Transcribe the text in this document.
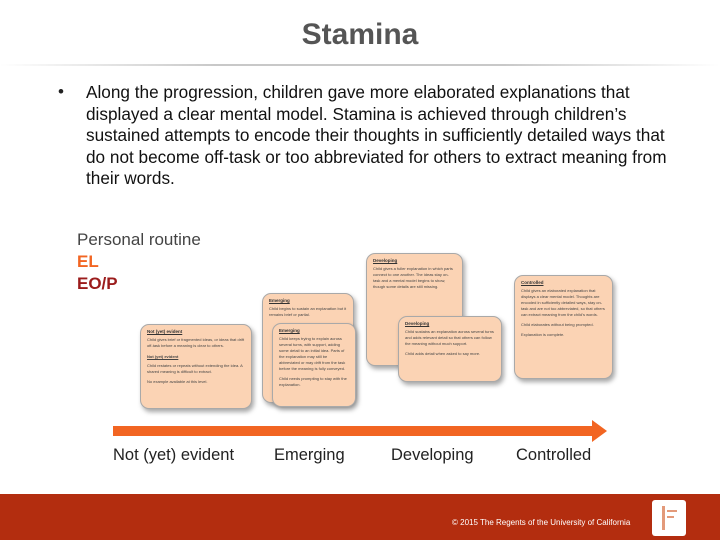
Stamina
• Along the progression, children gave more elaborated explanations that displayed a clear mental model. Stamina is achieved through children’s sustained attempts to encode their thoughts in sufficiently detailed ways that do not become off-task or too abbreviated for others to extract meaning from their words.
Personal routine
EL
EO/P
Not (yet) evident
Child gives brief or fragmented ideas, or ideas that drift off-task before a meaning is clear to others.
Not (yet) evident
Child restates or repeats without extending the idea. A shared meaning is difficult to extract.
No example available at this level.
Emerging
Child begins to sustain an explanation but it remains brief or partial.
Emerging
Child keeps trying to explain across several turns, with support, adding some detail to an initial idea. Parts of the explanation may still be abbreviated or may drift from the task before the meaning is fully conveyed.
Child needs prompting to stay with the explanation.
Developing
Child gives a fuller explanation in which parts connect to one another. The ideas stay on-task and a mental model begins to show, though some details are still missing.
Developing
Child sustains an explanation across several turns and adds relevant detail so that others can follow the meaning without much support.
Child adds detail when asked to say more.
Controlled
Child gives an elaborated explanation that displays a clear mental model. Thoughts are encoded in sufficiently detailed ways, stay on-task and are not too abbreviated, so that others can extract meaning from the child’s words.
Child elaborates without being prompted.
Explanation is complete.
Not (yet) evident Emerging	Developing	Controlled
© 2015 The Regents of the University of California
